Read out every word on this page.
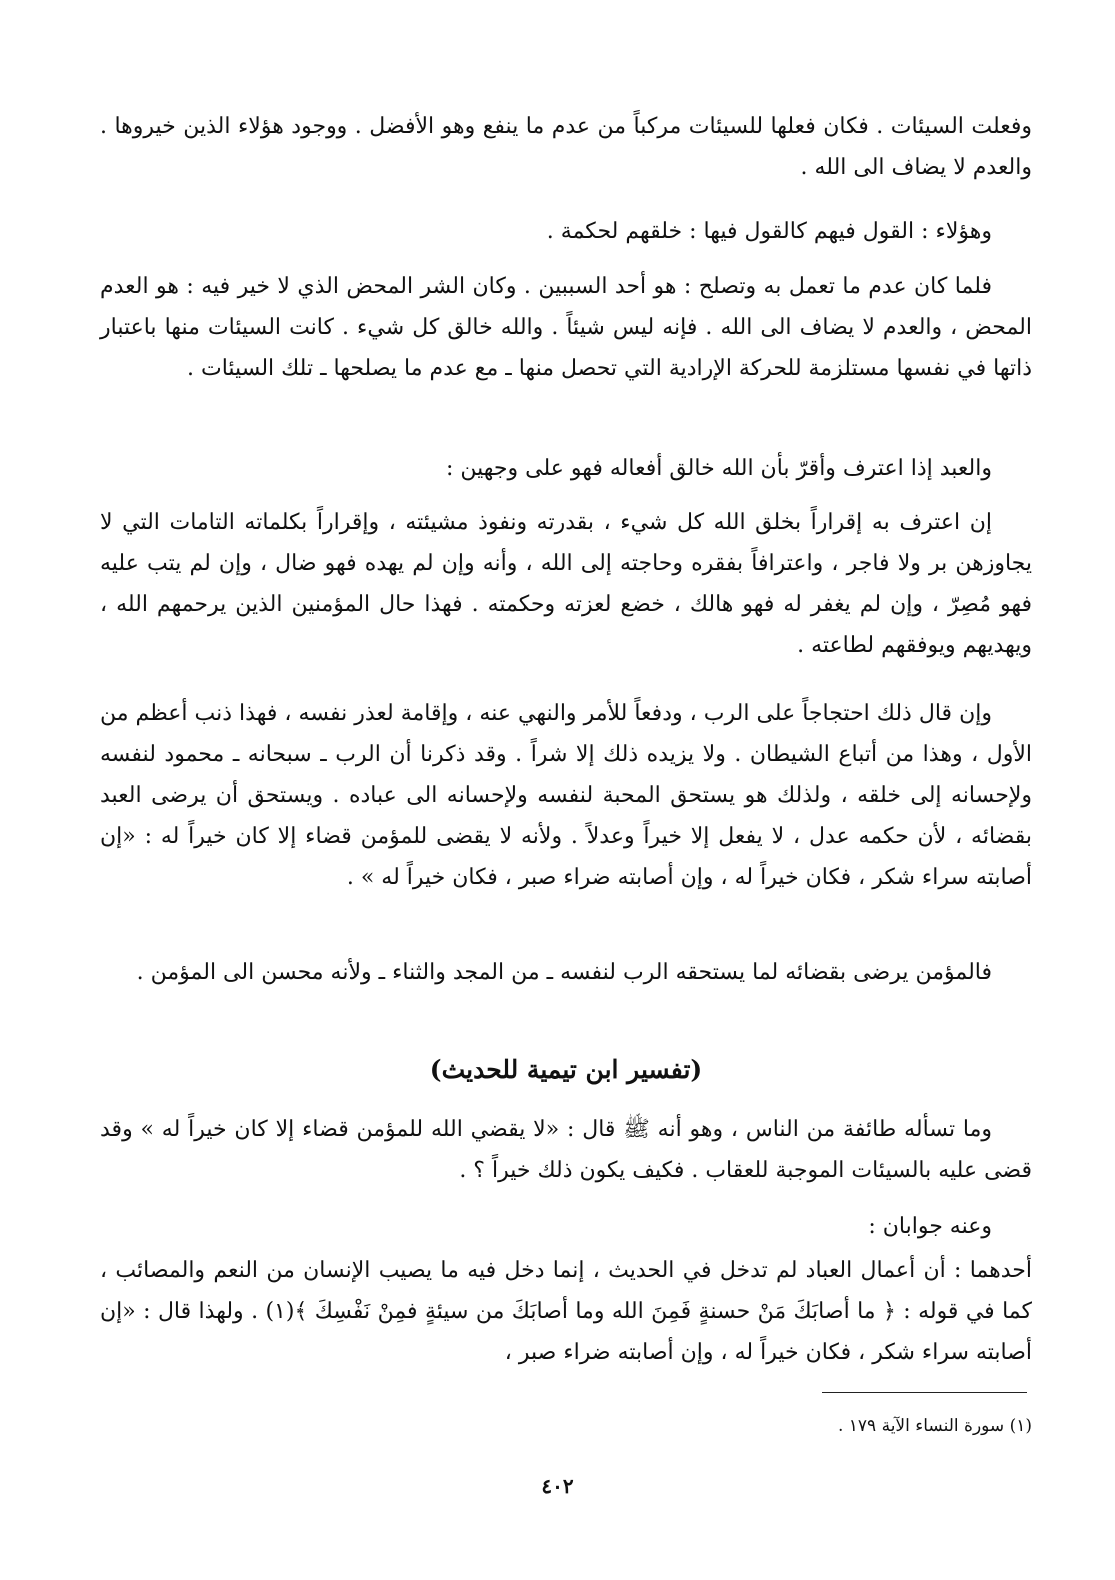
وفعلت السيئات . فكان فعلها للسيئات مركباً من عدم ما ينفع وهو الأفضل . ووجود هؤلاء الذين خيروها . والعدم لا يضاف الى الله .

وهؤلاء : القول فيهم كالقول فيها : خلقهم لحكمة .

فلما كان عدم ما تعمل به وتصلح : هو أحد السببين . وكان الشر المحض الذي لا خير فيه : هو العدم المحض ، والعدم لا يضاف الى الله . فإنه ليس شيئاً . والله خالق كل شيء . كانت السيئات منها باعتبار ذاتها في نفسها مستلزمة للحركة الإرادية التي تحصل منها ـ مع عدم ما يصلحها ـ تلك السيئات .

والعبد إذا اعترف وأقرّ بأن الله خالق أفعاله فهو على وجهين :

إن اعترف به إقراراً بخلق الله كل شيء ، بقدرته ونفوذ مشيئته ، وإقراراً بكلماته التامات التي لا يجاوزهن بر ولا فاجر ، واعترافاً بفقره وحاجته إلى الله ، وأنه وإن لم يهده فهو ضال ، وإن لم يتب عليه فهو مُصِرّ ، وإن لم يغفر له فهو هالك ، خضع لعزته وحكمته . فهذا حال المؤمنين الذين يرحمهم الله ، ويهديهم ويوفقهم لطاعته .

وإن قال ذلك احتجاجاً على الرب ، ودفعاً للأمر والنهي عنه ، وإقامة لعذر نفسه ، فهذا ذنب أعظم من الأول ، وهذا من أتباع الشيطان . ولا يزيده ذلك إلا شراً . وقد ذكرنا أن الرب ـ سبحانه ـ محمود لنفسه ولإحسانه إلى خلقه ، ولذلك هو يستحق المحبة لنفسه ولإحسانه الى عباده . ويستحق أن يرضى العبد بقضائه ، لأن حكمه عدل ، لا يفعل إلا خيراً وعدلاً . ولأنه لا يقضى للمؤمن قضاء إلا كان خيراً له : «إن أصابته سراء شكر ، فكان خيراً له ، وإن أصابته ضراء صبر ، فكان خيراً له » .

فالمؤمن يرضى بقضائه لما يستحقه الرب لنفسه ـ من المجد والثناء ـ ولأنه محسن الى المؤمن .

(تفسير ابن تيمية للحديث)

وما تسأله طائفة من الناس ، وهو أنه ﷺ قال : «لا يقضي الله للمؤمن قضاء إلا كان خيراً له » وقد قضى عليه بالسيئات الموجبة للعقاب . فكيف يكون ذلك خيراً ؟ .

وعنه جوابان :

أحدهما : أن أعمال العباد لم تدخل في الحديث ، إنما دخل فيه ما يصيب الإنسان من النعم والمصائب ، كما في قوله : ﴿ ما أصابَكَ مَنْ حسنةٍ فَمِنَ الله وما أصابَكَ من سيئةٍ فمِنْ نَفْسِكَ ﴾(١) . ولهذا قال : «إن أصابته سراء شكر ، فكان خيراً له ، وإن أصابته ضراء صبر ،

(١) سورة النساء الآية ١٧٩ .

٤٠٢
